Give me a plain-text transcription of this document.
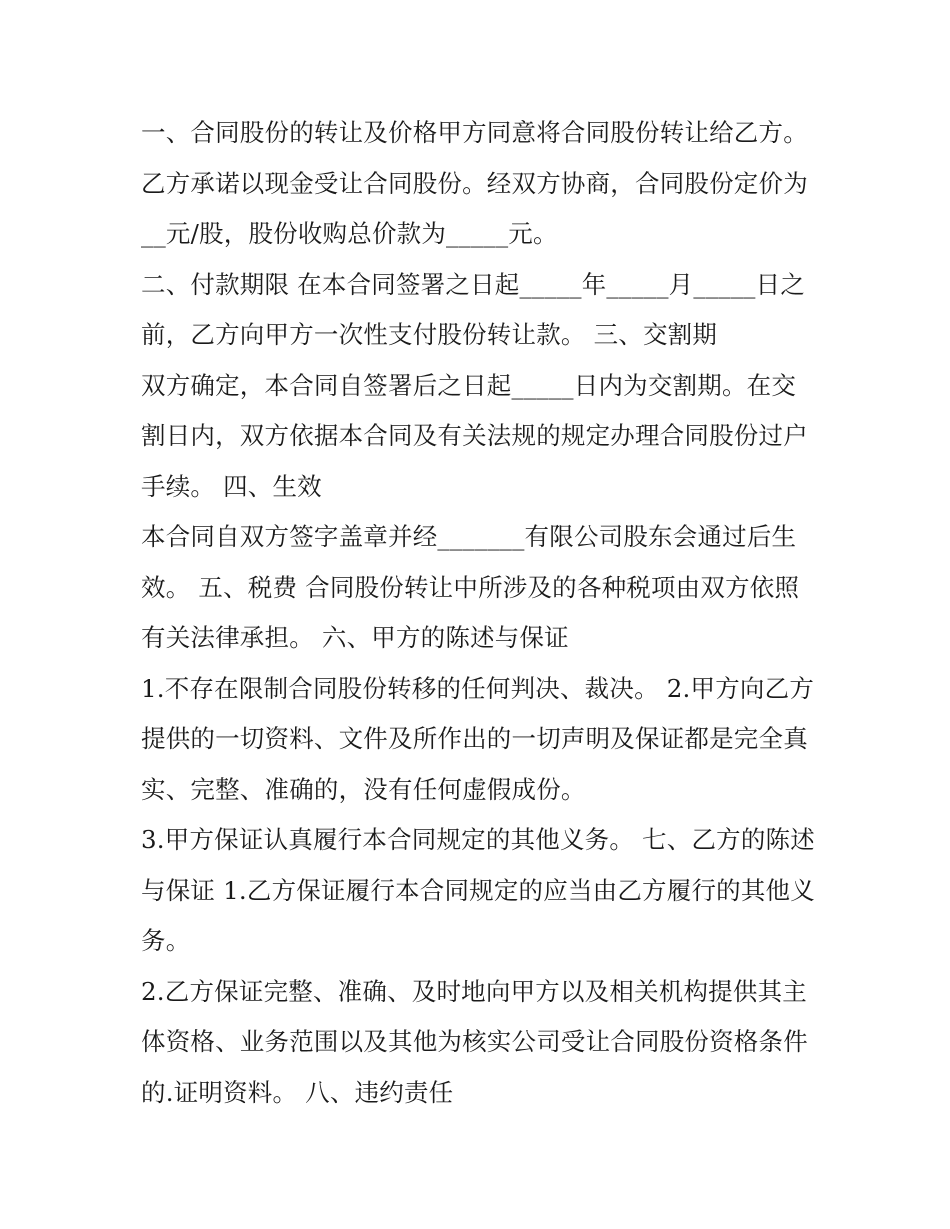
一、合同股份的转让及价格甲方同意将合同股份转让给乙方。
乙方承诺以现金受让合同股份。经双方协商，合同股份定价为
__元/股，股份收购总价款为_____元。
二、付款期限 在本合同签署之日起_____年_____月_____日之
前，乙方向甲方一次性支付股份转让款。 三、交割期
双方确定，本合同自签署后之日起_____日内为交割期。在交
割日内，双方依据本合同及有关法规的规定办理合同股份过户
手续。 四、生效
本合同自双方签字盖章并经_______有限公司股东会通过后生
效。 五、税费 合同股份转让中所涉及的各种税项由双方依照
有关法律承担。 六、甲方的陈述与保证
1.不存在限制合同股份转移的任何判决、裁决。 2.甲方向乙方
提供的一切资料、文件及所作出的一切声明及保证都是完全真
实、完整、准确的，没有任何虚假成份。
3.甲方保证认真履行本合同规定的其他义务。 七、乙方的陈述
与保证 1.乙方保证履行本合同规定的应当由乙方履行的其他义
务。
2.乙方保证完整、准确、及时地向甲方以及相关机构提供其主
体资格、业务范围以及其他为核实公司受让合同股份资格条件
的.证明资料。 八、违约责任
